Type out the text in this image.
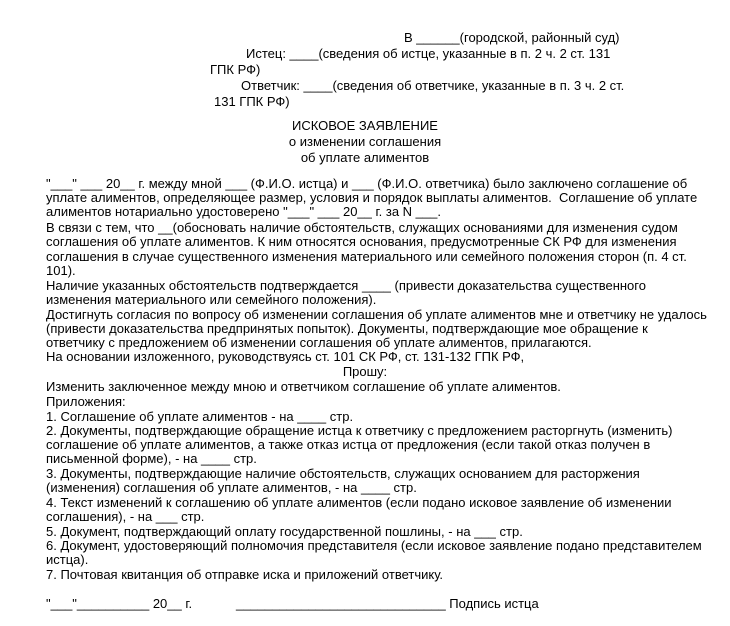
В ______(городской, районный суд)
Истец: ____(сведения об истце, указанные в п. 2 ч. 2 ст. 131
ГПК РФ)
Ответчик: ____(сведения об ответчике, указанные в п. 3 ч. 2 ст.
131 ГПК РФ)
ИСКОВОЕ ЗАЯВЛЕНИЕ
о изменении соглашения
об уплате алиментов
"___" ___ 20__ г. между мной ___ (Ф.И.О. истца) и ___ (Ф.И.О. ответчика) было заключено соглашение об
уплате алиментов, определяющее размер, условия и порядок выплаты алиментов.  Соглашение об уплате
алиментов нотариально удостоверено "___" ___ 20__ г. за N ___.
В связи с тем, что __(обосновать наличие обстоятельств, служащих основаниями для изменения судом
соглашения об уплате алиментов. К ним относятся основания, предусмотренные СК РФ для изменения
соглашения в случае существенного изменения материального или семейного положения сторон (п. 4 ст.
101).
Наличие указанных обстоятельств подтверждается ____ (привести доказательства существенного
изменения материального или семейного положения).
Достигнуть согласия по вопросу об изменении соглашения об уплате алиментов мне и ответчику не удалось
(привести доказательства предпринятых попыток). Документы, подтверждающие мое обращение к
ответчику с предложением об изменении соглашения об уплате алиментов, прилагаются.
На основании изложенного, руководствуясь ст. 101 СК РФ, ст. 131-132 ГПК РФ,
Прошу:
Изменить заключенное между мною и ответчиком соглашение об уплате алиментов.
Приложения:
1. Соглашение об уплате алиментов - на ____ стр.
2. Документы, подтверждающие обращение истца к ответчику с предложением расторгнуть (изменить)
соглашение об уплате алиментов, а также отказ истца от предложения (если такой отказ получен в
письменной форме), - на ____ стр.
3. Документы, подтверждающие наличие обстоятельств, служащих основанием для расторжения
(изменения) соглашения об уплате алиментов, - на ____ стр.
4. Текст изменений к соглашению об уплате алиментов (если подано исковое заявление об изменении
соглашения), - на ___ стр.
5. Документ, подтверждающий оплату государственной пошлины, - на ___ стр.
6. Документ, удостоверяющий полномочия представителя (если исковое заявление подано представителем
истца).
7. Почтовая квитанция об отправке иска и приложений ответчику.
"___"__________ 20__ г.	_____________________________ Подпись истца
